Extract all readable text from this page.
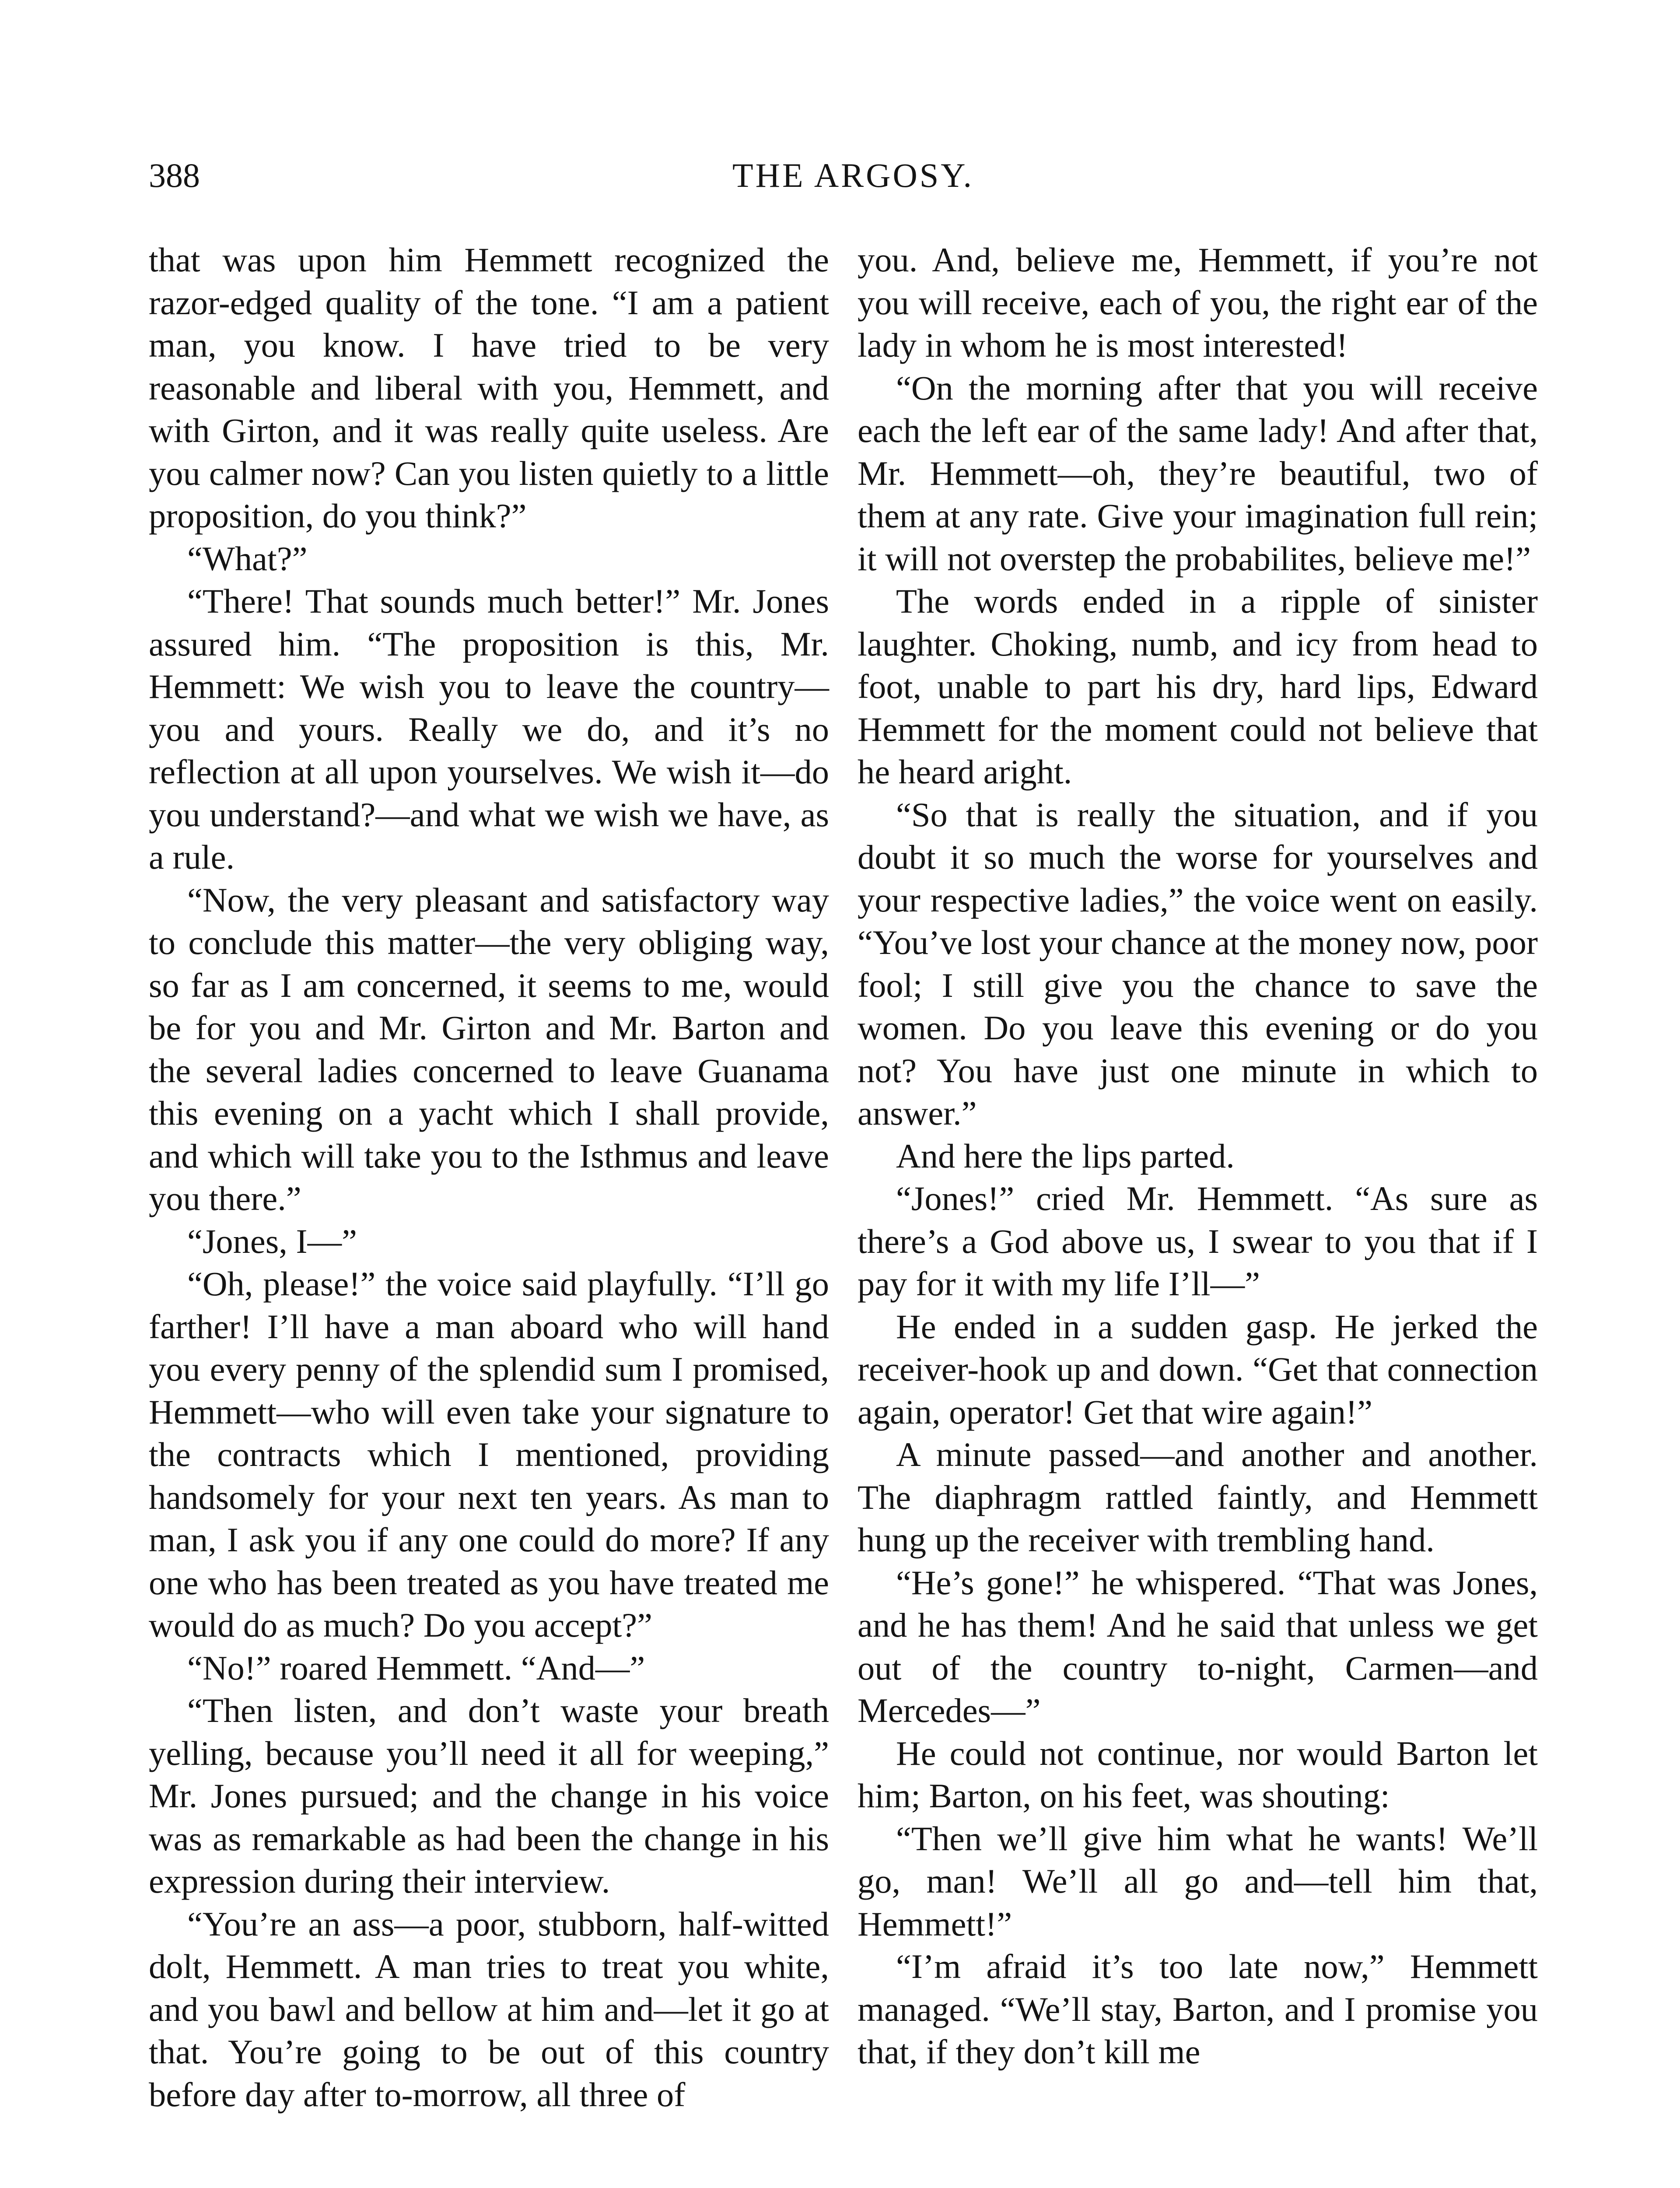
388	THE ARGOSY.

that was upon him Hemmett recognized the razor-edged quality of the tone. “I am a patient man, you know. I have tried to be very reasonable and liberal with you, Hemmett, and with Girton, and it was really quite useless. Are you calmer now? Can you listen quietly to a little proposition, do you think?”

“What?”

“There! That sounds much better!” Mr. Jones assured him. “The proposition is this, Mr. Hemmett: We wish you to leave the country—you and yours. Really we do, and it’s no reflection at all upon yourselves. We wish it—do you understand?—and what we wish we have, as a rule.

“Now, the very pleasant and satisfactory way to conclude this matter—the very obliging way, so far as I am concerned, it seems to me, would be for you and Mr. Girton and Mr. Barton and the several ladies concerned to leave Guanama this evening on a yacht which I shall provide, and which will take you to the Isthmus and leave you there.”

“Jones, I—”

“Oh, please!” the voice said playfully. “I’ll go farther! I’ll have a man aboard who will hand you every penny of the splendid sum I promised, Hemmett—who will even take your signature to the contracts which I mentioned, providing handsomely for your next ten years. As man to man, I ask you if any one could do more? If any one who has been treated as you have treated me would do as much? Do you accept?”

“No!” roared Hemmett. “And—”

“Then listen, and don’t waste your breath yelling, because you’ll need it all for weeping,” Mr. Jones pursued; and the change in his voice was as remarkable as had been the change in his expression during their interview.

“You’re an ass—a poor, stubborn, half-witted dolt, Hemmett. A man tries to treat you white, and you bawl and bellow at him and—let it go at that. You’re going to be out of this country before day after to-morrow, all three of

you. And, believe me, Hemmett, if you’re not you will receive, each of you, the right ear of the lady in whom he is most interested!

“On the morning after that you will receive each the left ear of the same lady! And after that, Mr. Hemmett—oh, they’re beautiful, two of them at any rate. Give your imagination full rein; it will not overstep the probabilites, believe me!”

The words ended in a ripple of sinister laughter. Choking, numb, and icy from head to foot, unable to part his dry, hard lips, Edward Hemmett for the moment could not believe that he heard aright.

“So that is really the situation, and if you doubt it so much the worse for yourselves and your respective ladies,” the voice went on easily. “You’ve lost your chance at the money now, poor fool; I still give you the chance to save the women. Do you leave this evening or do you not? You have just one minute in which to answer.”

And here the lips parted.

“Jones!” cried Mr. Hemmett. “As sure as there’s a God above us, I swear to you that if I pay for it with my life I’ll—”

He ended in a sudden gasp. He jerked the receiver-hook up and down. “Get that connection again, operator! Get that wire again!”

A minute passed—and another and another. The diaphragm rattled faintly, and Hemmett hung up the receiver with trembling hand.

“He’s gone!” he whispered. “That was Jones, and he has them! And he said that unless we get out of the country to-night, Carmen—and Mercedes—”

He could not continue, nor would Barton let him; Barton, on his feet, was shouting:

“Then we’ll give him what he wants! We’ll go, man! We’ll all go and—tell him that, Hemmett!”

“I’m afraid it’s too late now,” Hemmett managed. “We’ll stay, Barton, and I promise you that, if they don’t kill me
